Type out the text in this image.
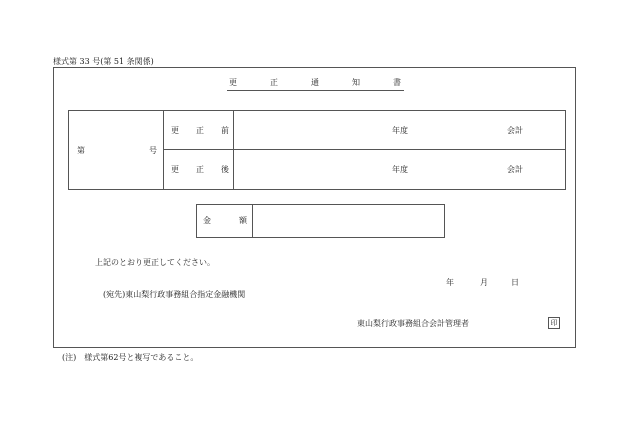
様式第 33 号(第 51 条関係)
更	正	通	知	書
第	号
更 正 前	年度	会計
更 正 後	年度	会計
金	額
上記のとおり更正してください。
年	月	日
(宛先)東山梨行政事務組合指定金融機関
東山梨行政事務組合会計管理者	印
(注)　様式第62号と複写であること。
